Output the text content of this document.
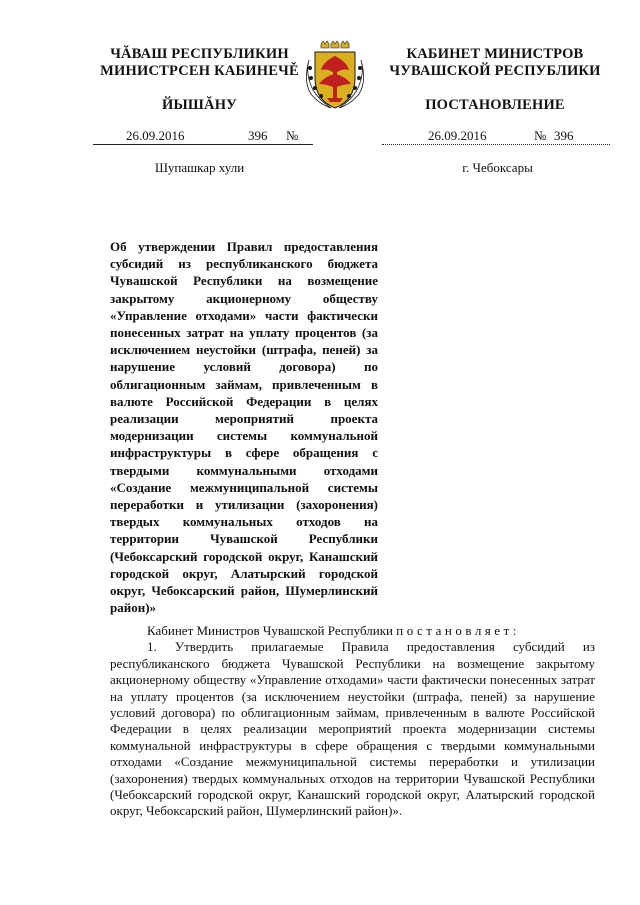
ЧĂВАШ РЕСПУБЛИКИН
МИНИСТРСЕН КАБИНЕЧĚ
ЙЫШĂНУ
КАБИНЕТ МИНИСТРОВ
ЧУВАШСКОЙ РЕСПУБЛИКИ
ПОСТАНОВЛЕНИЕ
26.09.2016	396 №	26.09.2016	№ 396
Шупашкар хули	г. Чебоксары
Об утверждении Правил предоставления субсидий из республиканского бюджета Чувашской Республики на возмещение закрытому акционерному обществу «Управление отходами» части фактически понесенных затрат на уплату процентов (за исключением неустойки (штрафа, пеней) за нарушение условий договора) по облигационным займам, привлеченным в валюте Российской Федерации в целях реализации мероприятий проекта модернизации системы коммунальной инфраструктуры в сфере обращения с твердыми коммунальными отходами «Создание межмуниципальной системы переработки и утилизации (захоронения) твердых коммунальных отходов на территории Чувашской Республики (Чебоксарский городской округ, Канашский городской округ, Алатырский городской округ, Чебоксарский район, Шумерлинский район)»

Кабинет Министров Чувашской Республики постановляет:

1. Утвердить прилагаемые Правила предоставления субсидий из республиканского бюджета Чувашской Республики на возмещение закрытому акционерному обществу «Управление отходами» части фактически понесенных затрат на уплату процентов (за исключением неустойки (штрафа, пеней) за нарушение условий договора) по облигационным займам, привлеченным в валюте Российской Федерации в целях реализации мероприятий проекта модернизации системы коммунальной инфраструктуры в сфере обращения с твердыми коммунальными отходами «Создание межмуниципальной системы переработки и утилизации (захоронения) твердых коммунальных отходов на территории Чувашской Республики (Чебоксарский городской округ, Канашский городской округ, Алатырский городской округ, Чебоксарский район, Шумерлинский район)».
